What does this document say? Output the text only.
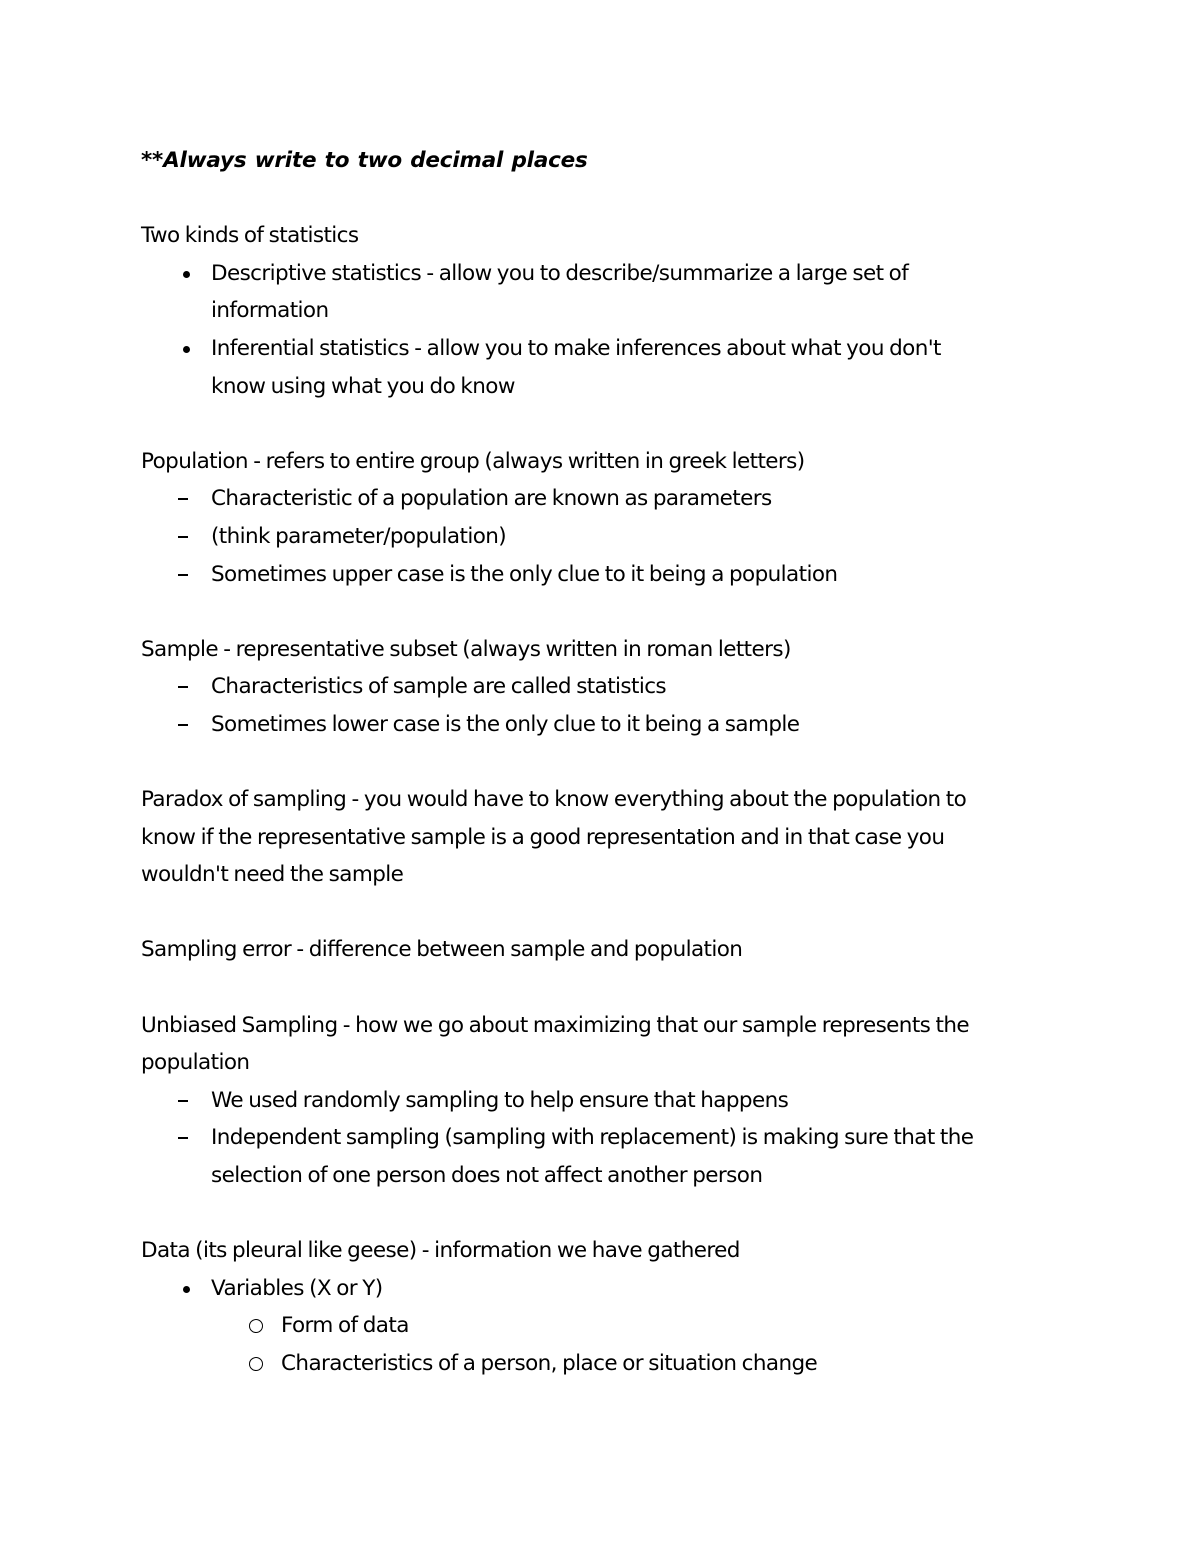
**Always write to two decimal places
Two kinds of statistics
Descriptive statistics - allow you to describe/summarize a large set of
information
Inferential statistics - allow you to make inferences about what you don't
know using what you do know
Population - refers to entire group (always written in greek letters)
Characteristic of a population are known as parameters
(think parameter/population)
Sometimes upper case is the only clue to it being a population
Sample - representative subset (always written in roman letters)
Characteristics of sample are called statistics
Sometimes lower case is the only clue to it being a sample
Paradox of sampling - you would have to know everything about the population to
know if the representative sample is a good representation and in that case you
wouldn't need the sample
Sampling error - difference between sample and population
Unbiased Sampling - how we go about maximizing that our sample represents the
population
We used randomly sampling to help ensure that happens
Independent sampling (sampling with replacement) is making sure that the
selection of one person does not affect another person
Data (its pleural like geese) - information we have gathered
Variables (X or Y)
Form of data
Characteristics of a person, place or situation change
